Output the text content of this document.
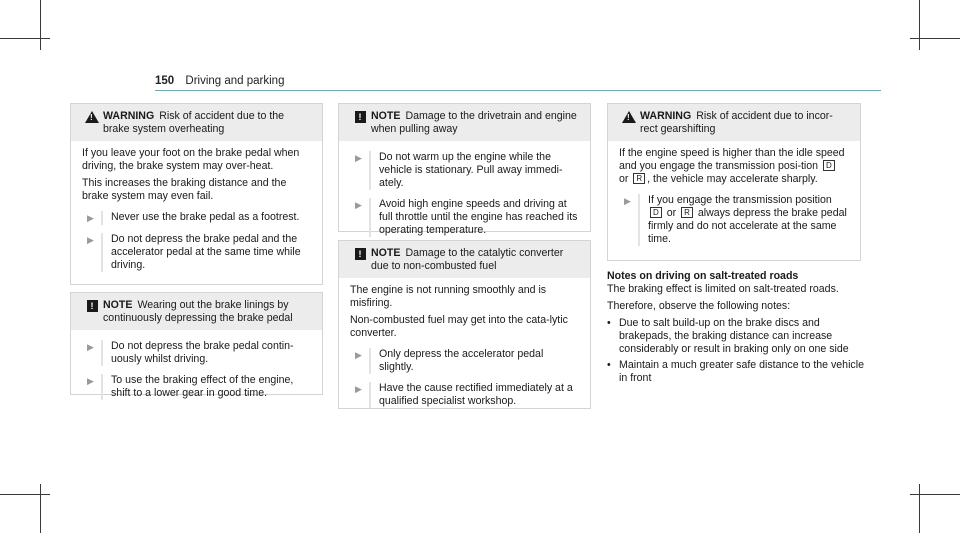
150 Driving and parking
! WARNING Risk of accident due to the brake system overheating

If you leave your foot on the brake pedal when driving, the brake system may over-heat.

This increases the braking distance and the brake system may even fail.

▶	Never use the brake pedal as a footrest.
▶	Do not depress the brake pedal and the accelerator pedal at the same time while driving.
! NOTE Wearing out the brake linings by continuously depressing the brake pedal
▶	Do not depress the brake pedal contin-uously whilst driving.
▶	To use the braking effect of the engine, shift to a lower gear in good time.
! NOTE Damage to the drivetrain and engine when pulling away
▶	Do not warm up the engine while the vehicle is stationary. Pull away immedi-ately.
▶	Avoid high engine speeds and driving at full throttle until the engine has reached its operating temperature.
! NOTE Damage to the catalytic converter due to non-combusted fuel

The engine is not running smoothly and is misfiring.

Non-combusted fuel may get into the cata-lytic converter.

▶	Only depress the accelerator pedal slightly.
▶	Have the cause rectified immediately at a qualified specialist workshop.
! WARNING Risk of accident due to incor-rect gearshifting

If the engine speed is higher than the idle speed and you engage the transmission posi-tion D or R , the vehicle may accelerate sharply.

▶	If you engage the transmission position
D or R always depress the brake pedal firmly and do not accelerate at the same time.
Notes on driving on salt-treated roads

The braking effect is limited on salt-treated roads.

Therefore, observe the following notes:

• Due to salt build-up on the brake discs and brakepads, the braking distance can increase considerably or result in braking only on one side
• Maintain a much greater safe distance to the vehicle in front
